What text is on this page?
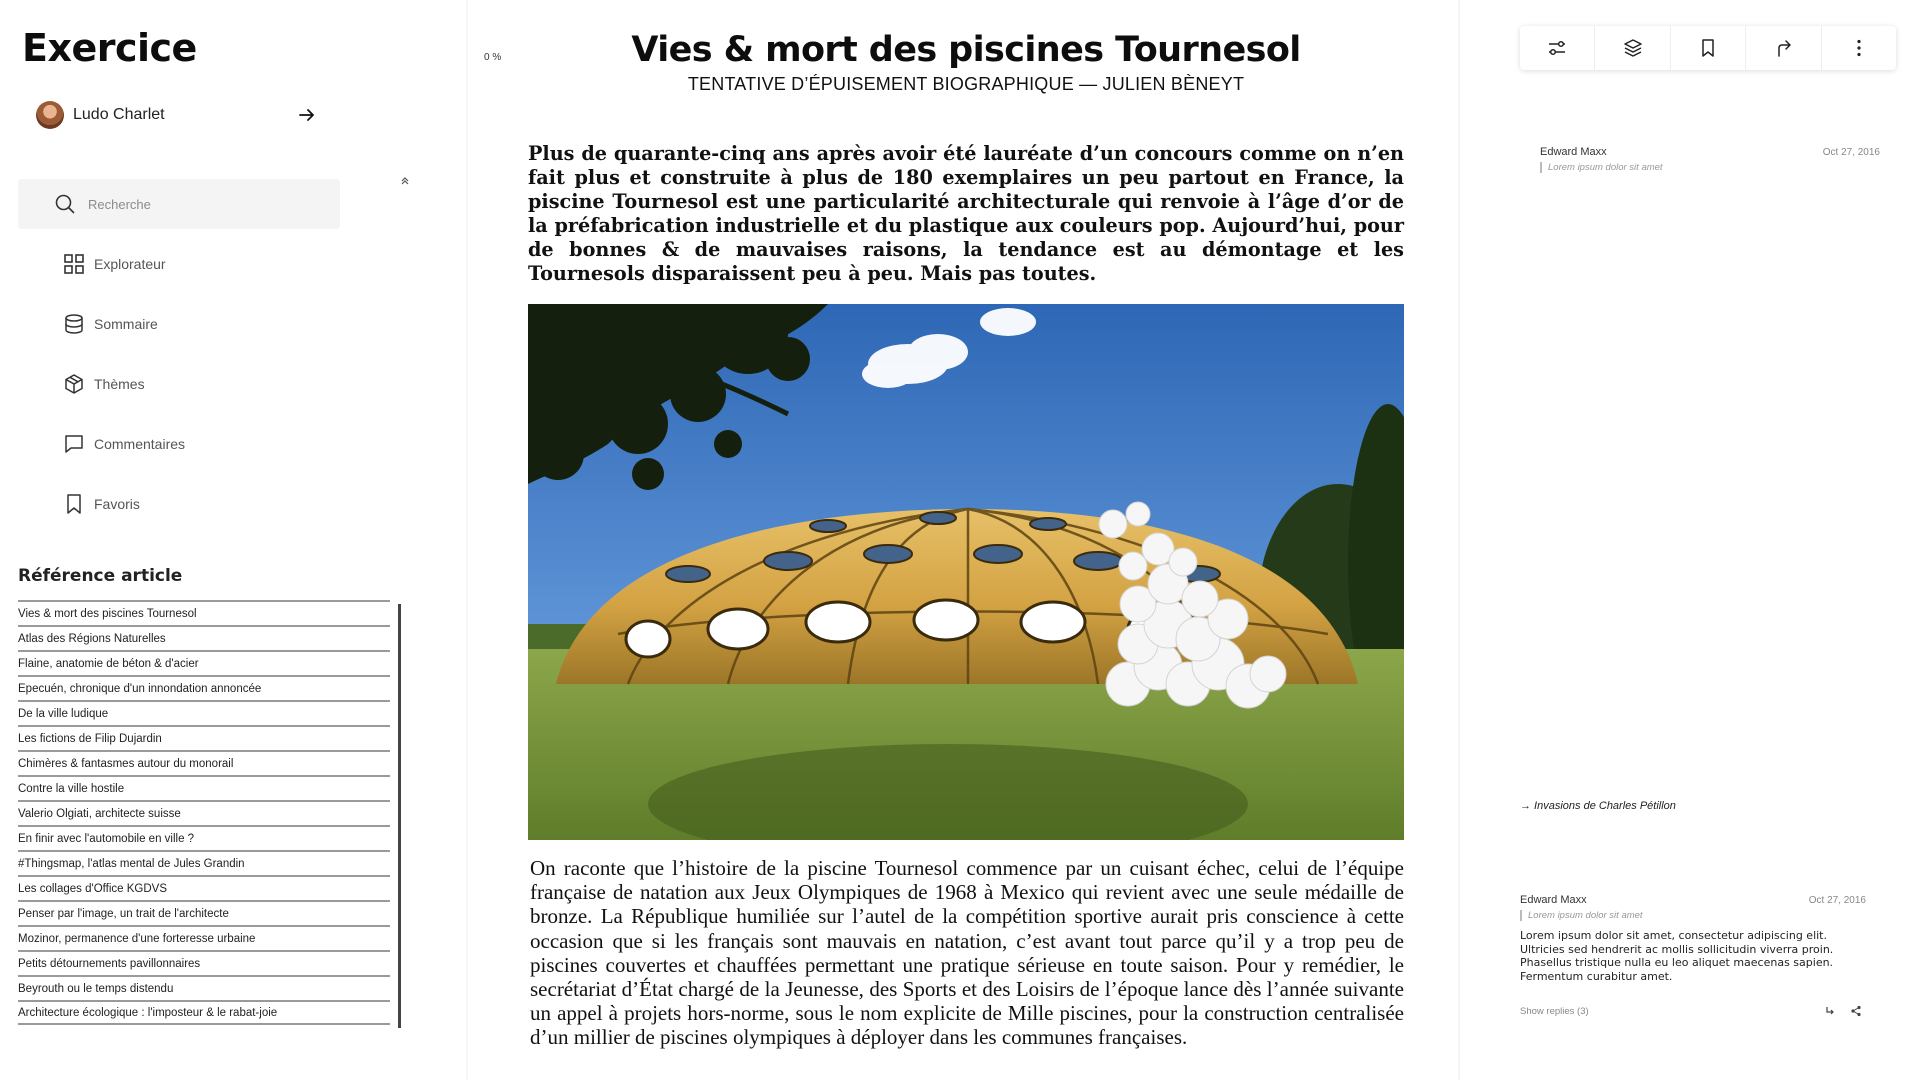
Exercice
Ludo Charlet
Recherche
Explorateur
Sommaire
Thèmes
Commentaires
Favoris
Référence article
Vies & mort des piscines Tournesol
Atlas des Régions Naturelles
Flaine, anatomie de béton & d'acier
Epecuén, chronique d'un innondation annoncée
De la ville ludique
Les fictions de Filip Dujardin
Chimères & fantasmes autour du monorail
Contre la ville hostile
Valerio Olgiati, architecte suisse
En finir avec l'automobile en ville ?
#Thingsmap, l'atlas mental de Jules Grandin
Les collages d'Office KGDVS
Penser par l'image, un trait de l'architecte
Mozinor, permanence d'une forteresse urbaine
Petits détournements pavillonnaires
Beyrouth ou le temps distendu
Architecture écologique : l'imposteur & le rabat-joie
0 %	Vies & mort des piscines Tournesol
TENTATIVE D’ÉPUISEMENT BIOGRAPHIQUE — JULIEN BÈNEYT

Plus de quarante-cinq ans après avoir été lauréate d’un concours comme on n’en fait plus et construite à plus de 180 exemplaires un peu partout en France, la piscine Tournesol est une particularité architecturale qui renvoie à l’âge d’or de la préfabrication industrielle et du plastique aux couleurs pop. Aujourd’hui, pour de bonnes & de mauvaises raisons, la tendance est au démontage et les Tournesols disparaissent peu à peu. Mais pas toutes.

On raconte que l’histoire de la piscine Tournesol commence par un cuisant échec, celui de l’équipe française de natation aux Jeux Olympiques de 1968 à Mexico qui revient avec une seule médaille de bronze. La République humiliée sur l’autel de la compétition sportive aurait pris conscience à cette occasion que si les français sont mauvais en natation, c’est avant tout parce qu’il y a trop peu de piscines couvertes et chauffées permettant une pratique sérieuse en toute saison. Pour y remédier, le secrétariat d’État chargé de la Jeunesse, des Sports et des Loisirs de l’époque lance dès l’année suivante un appel à projets hors-norme, sous le nom explicite de Mille piscines, pour la construction centralisée d’un millier de piscines olympiques à déployer dans les communes françaises.

Edward Maxx	Oct 27, 2016
Lorem ipsum dolor sit amet
→ Invasions de Charles Pétillon
Edward Maxx	Oct 27, 2016
Lorem ipsum dolor sit amet
Lorem ipsum dolor sit amet, consectetur adipiscing elit. Ultricies sed hendrerit ac mollis sollicitudin viverra proin. Phasellus tristique nulla eu leo aliquet maecenas sapien. Fermentum curabitur amet.
Show replies (3)
